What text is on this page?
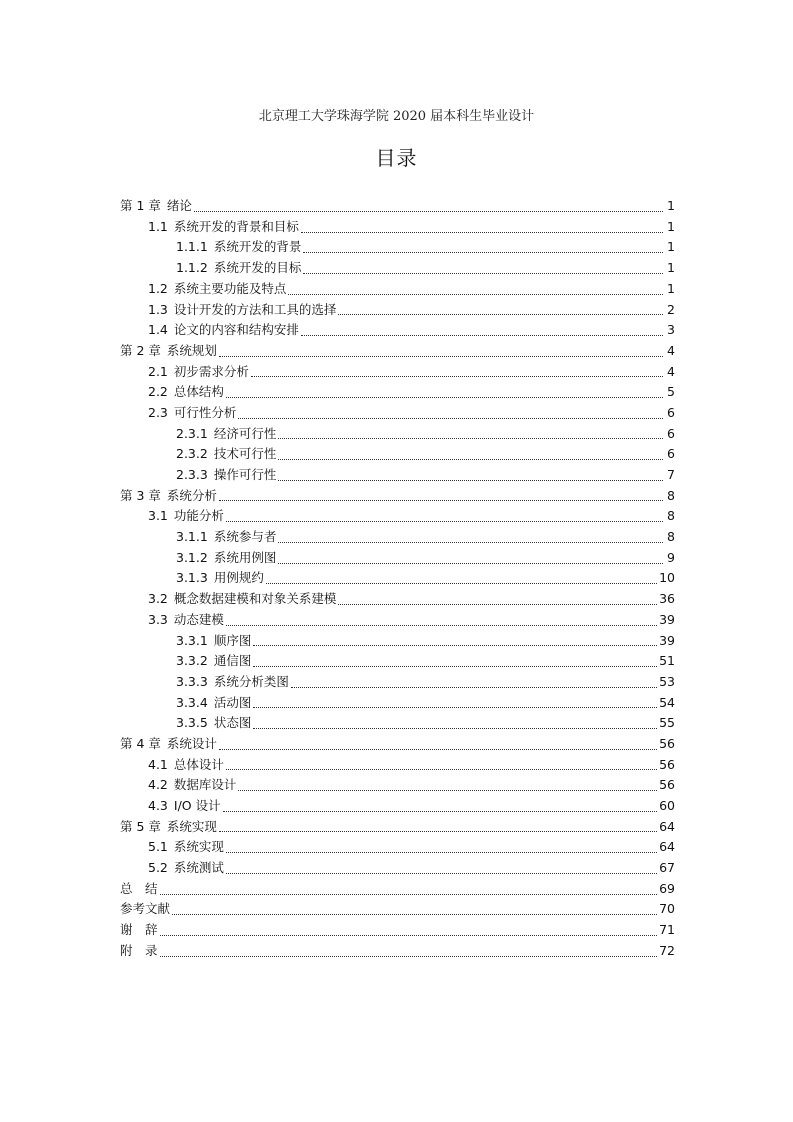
北京理工大学珠海学院 2020 届本科生毕业设计
目录
第 1 章 绪论	1
1.1 系统开发的背景和目标	1
1.1.1 系统开发的背景	1
1.1.2 系统开发的目标	1
1.2 系统主要功能及特点	1
1.3 设计开发的方法和工具的选择	2
1.4 论文的内容和结构安排	3
第 2 章 系统规划	4
2.1 初步需求分析	4
2.2 总体结构	5
2.3 可行性分析	6
2.3.1 经济可行性	6
2.3.2 技术可行性	6
2.3.3 操作可行性	7
第 3 章 系统分析	8
3.1 功能分析	8
3.1.1 系统参与者	8
3.1.2 系统用例图	9
3.1.3 用例规约	10
3.2 概念数据建模和对象关系建模	36
3.3 动态建模	39
3.3.1 顺序图	39
3.3.2 通信图	51
3.3.3 系统分析类图	53
3.3.4 活动图	54
3.3.5 状态图	55
第 4 章 系统设计	56
4.1 总体设计	56
4.2 数据库设计	56
4.3 I/O 设计	60
第 5 章 系统实现	64
5.1 系统实现	64
5.2 系统测试	67
总　结	69
参考文献	70
谢　辞	71
附　录	72
